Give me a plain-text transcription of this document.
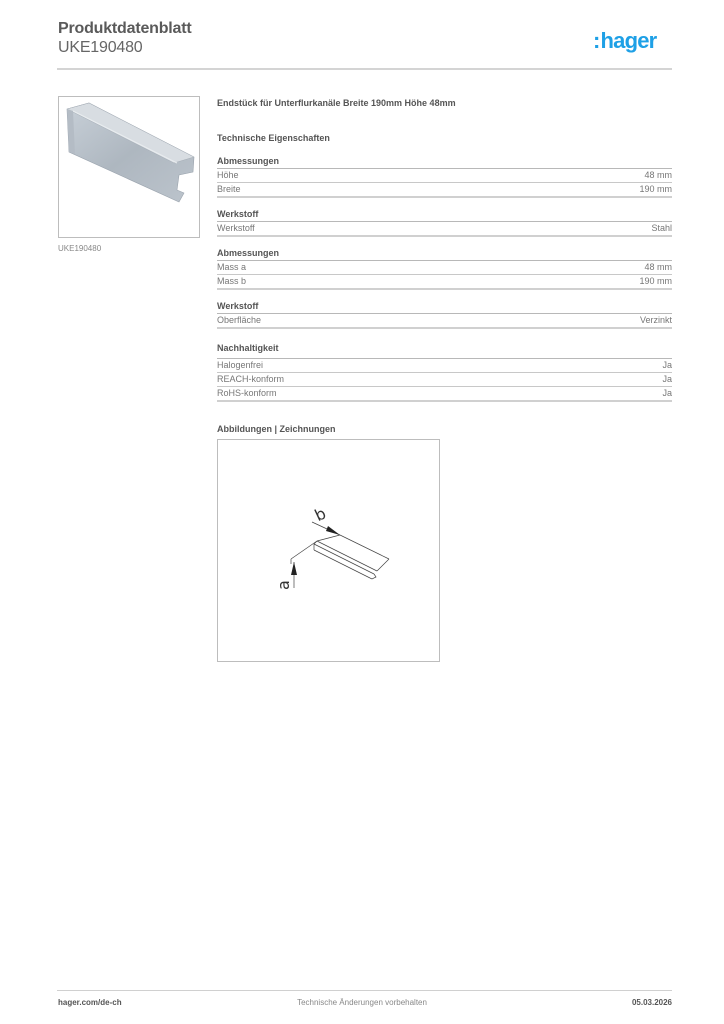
Produktdatenblatt
UKE190480	:hager
UKE190480
Endstück für Unterflurkanäle Breite 190mm Höhe 48mm
Technische Eigenschaften
Abmessungen
Höhe	48 mm
Breite	190 mm
Werkstoff
Werkstoff	Stahl
Abmessungen
Mass a	48 mm
Mass b	190 mm
Werkstoff
Oberfläche	Verzinkt
Nachhaltigkeit
Halogenfrei	Ja
REACH-konform	Ja
RoHS-konform	Ja
Abbildungen | Zeichnungen
b
a
hager.com/de-ch	Technische Änderungen vorbehalten	05.03.2026
